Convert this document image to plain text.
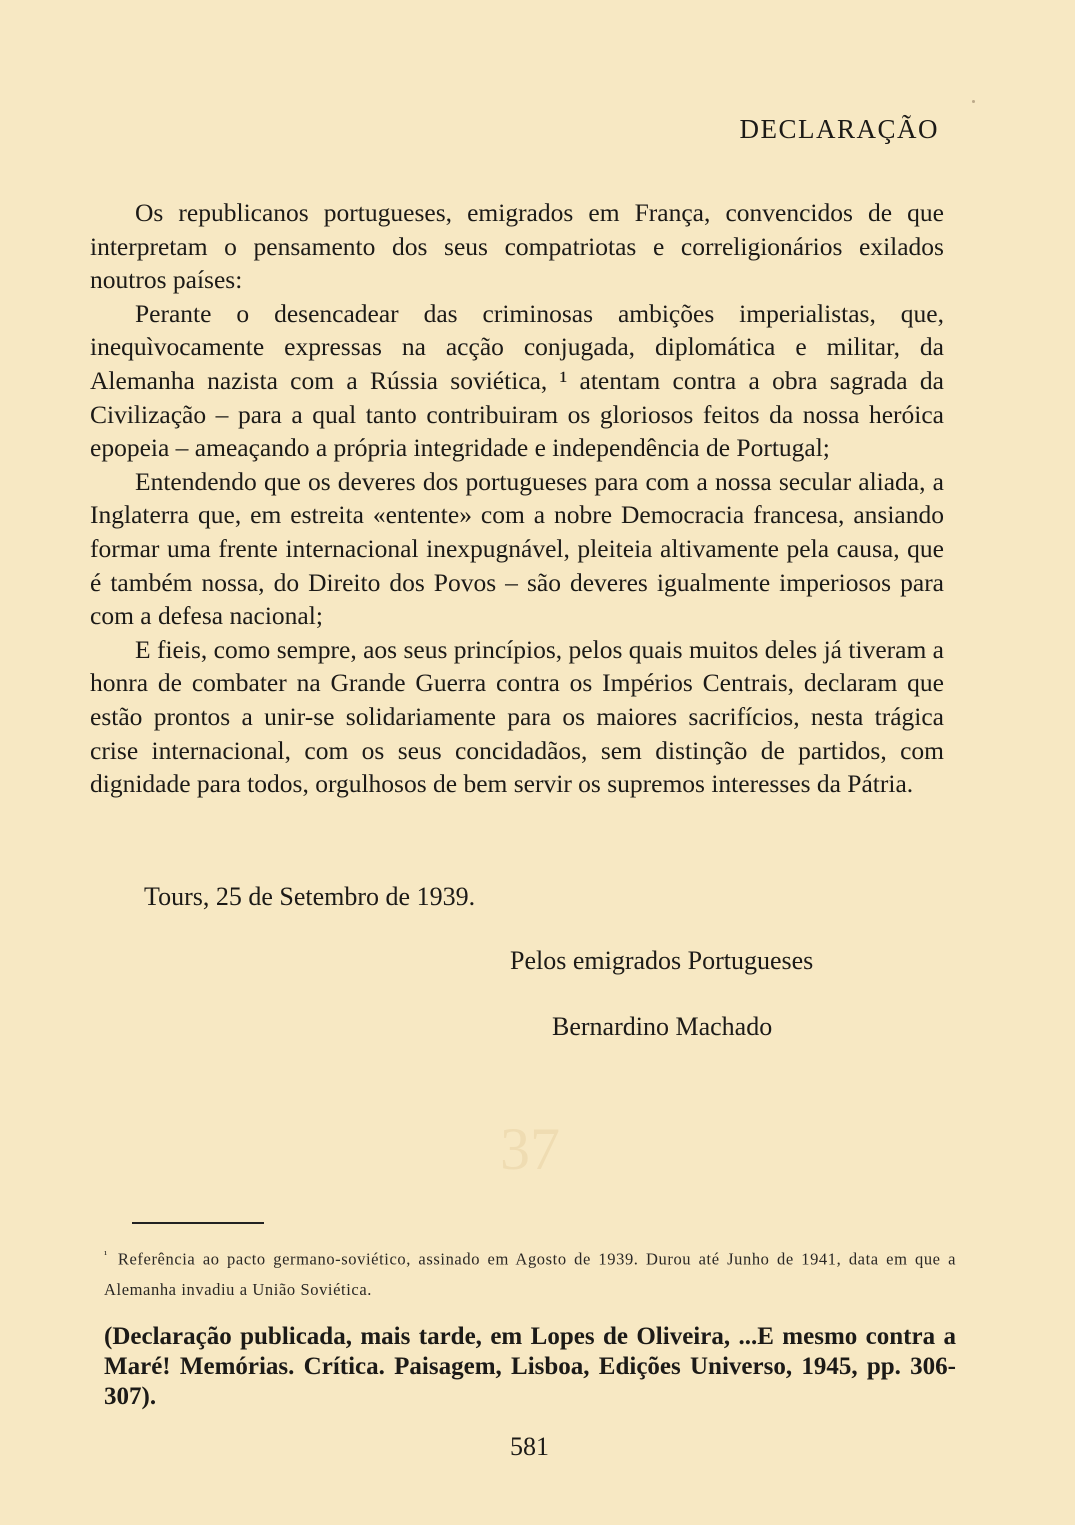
DECLARAÇÃO

Os republicanos portugueses, emigrados em França, convencidos de que interpretam o pensamento dos seus compatriotas e correligionários exilados noutros países:

Perante o desencadear das criminosas ambições imperialistas, que, inequìvocamente expressas na acção conjugada, diplomática e militar, da Alemanha nazista com a Rússia soviética, ¹ atentam contra a obra sagrada da Civilização – para a qual tanto contribuiram os gloriosos feitos da nossa heróica epopeia – ameaçando a própria integridade e independência de Portugal;

Entendendo que os deveres dos portugueses para com a nossa secular aliada, a Inglaterra que, em estreita «entente» com a nobre Democracia francesa, ansiando formar uma frente internacional inexpugnável, pleiteia altivamente pela causa, que é também nossa, do Direito dos Povos – são deveres igualmente imperiosos para com a defesa nacional;

E fieis, como sempre, aos seus princípios, pelos quais muitos deles já tiveram a honra de combater na Grande Guerra contra os Impérios Centrais, declaram que estão prontos a unir-se solidariamente para os maiores sacrifícios, nesta trágica crise internacional, com os seus concidadãos, sem distinção de partidos, com dignidade para todos, orgulhosos de bem servir os supremos interesses da Pátria.

Tours, 25 de Setembro de 1939.
Pelos emigrados Portugueses
Bernardino Machado
37
$^{^1}$ Referência ao pacto germano-soviético, assinado em Agosto de 1939. Durou até Junho de 1941, data em que a Alemanha invadiu a União Soviética.
(Declaração publicada, mais tarde, em Lopes de Oliveira, ...E mesmo contra a Maré! Memórias. Crítica. Paisagem, Lisboa, Edições Universo, 1945, pp. 306-307).
581
